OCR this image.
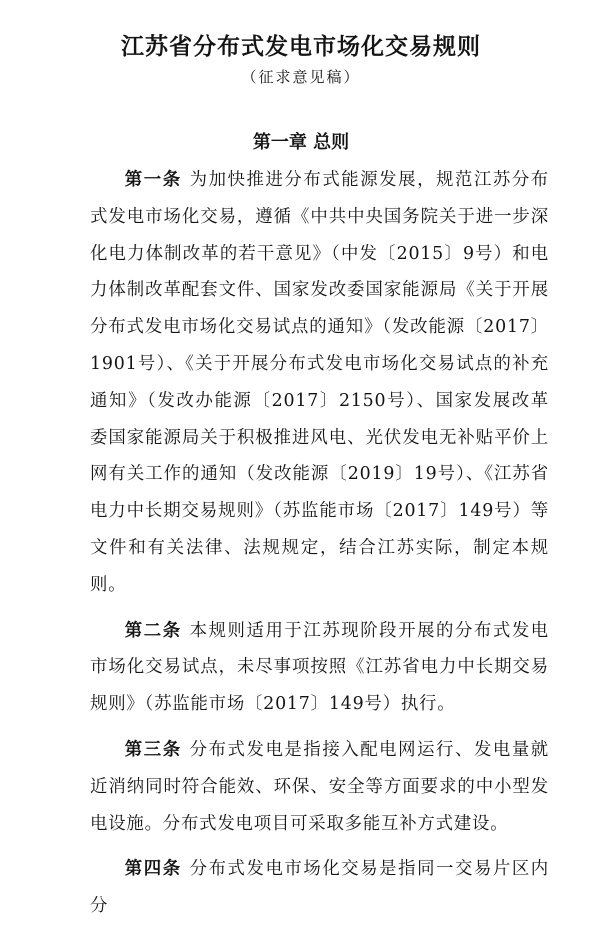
江苏省分布式发电市场化交易规则

（征求意见稿）

第一章 总则

第一条 为加快推进分布式能源发展，规范江苏分布式发电市场化交易，遵循《中共中央国务院关于进一步深化电力体制改革的若干意见》（中发〔2015〕9号）和电力体制改革配套文件、国家发改委国家能源局《关于开展分布式发电市场化交易试点的通知》（发改能源〔2017〕1901号）、《关于开展分布式发电市场化交易试点的补充通知》（发改办能源〔2017〕2150号）、国家发展改革委国家能源局关于积极推进风电、光伏发电无补贴平价上网有关工作的通知（发改能源〔2019〕19号）、《江苏省电力中长期交易规则》（苏监能市场〔2017〕149号）等文件和有关法律、法规规定，结合江苏实际，制定本规则。

第二条 本规则适用于江苏现阶段开展的分布式发电市场化交易试点，未尽事项按照《江苏省电力中长期交易规则》（苏监能市场〔2017〕149号）执行。

第三条 分布式发电是指接入配电网运行、发电量就近消纳同时符合能效、环保、安全等方面要求的中小型发电设施。分布式发电项目可采取多能互补方式建设。

第四条 分布式发电市场化交易是指同一交易片区内分
